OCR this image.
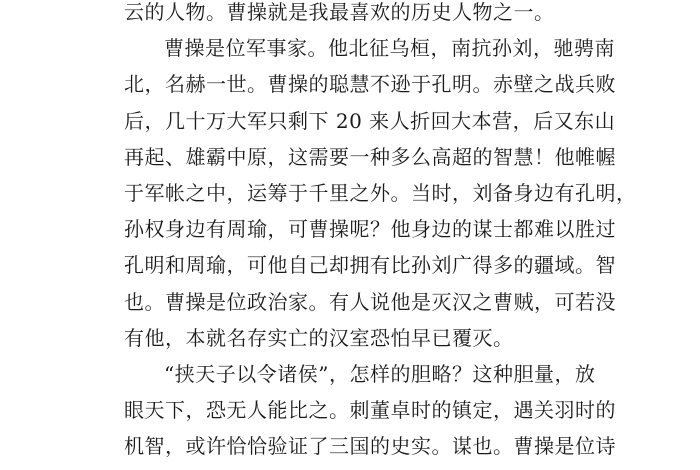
云的人物。曹操就是我最喜欢的历史人物之一。
曹操是位军事家。他北征乌桓，南抗孙刘，驰骋南
北，名赫一世。曹操的聪慧不逊于孔明。赤壁之战兵败
后，几十万大军只剩下 20 来人折回大本营，后又东山
再起、雄霸中原，这需要一种多么高超的智慧！他帷幄
于军帐之中，运筹于千里之外。当时，刘备身边有孔明，
孙权身边有周瑜，可曹操呢？他身边的谋士都难以胜过
孔明和周瑜，可他自己却拥有比孙刘广得多的疆域。智
也。曹操是位政治家。有人说他是灭汉之曹贼，可若没
有他，本就名存实亡的汉室恐怕早已覆灭。
“挟天子以令诸侯”，怎样的胆略？这种胆量，放
眼天下，恐无人能比之。刺董卓时的镇定，遇关羽时的
机智，或许恰恰验证了三国的史实。谋也。曹操是位诗
